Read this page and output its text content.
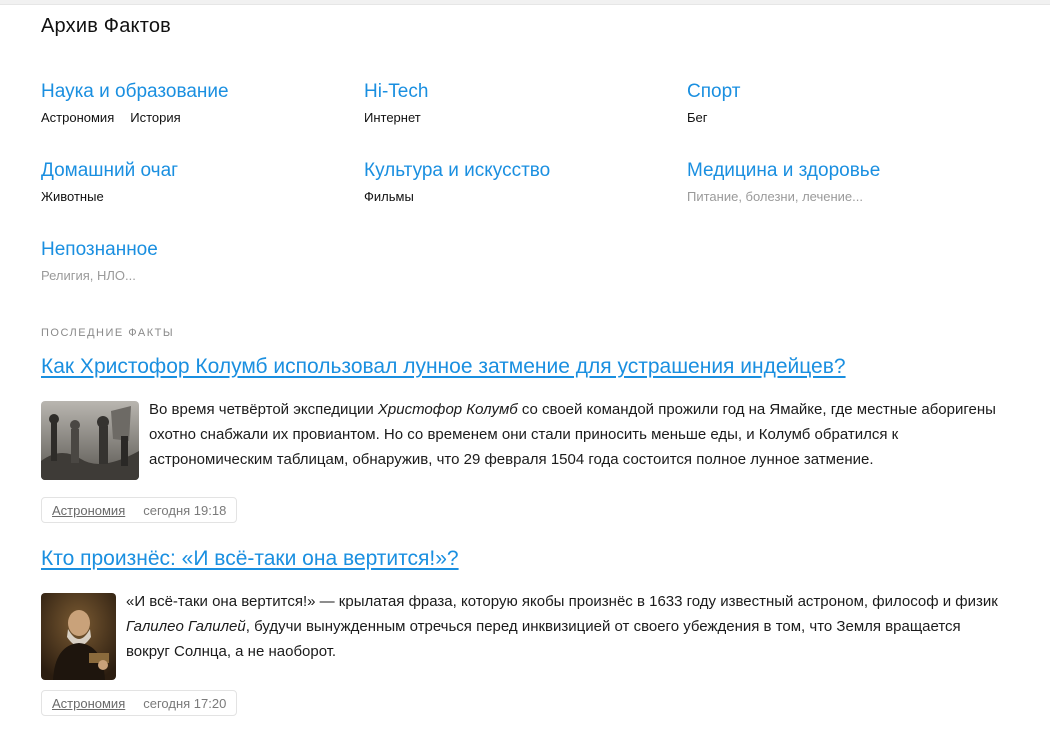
Архив Фактов
Наука и образование
Астрономия История
Hi-Tech
Интернет
Спорт
Бег
Домашний очаг
Животные
Культура и искусство
Фильмы
Медицина и здоровье
Питание, болезни, лечение...
Непознанное
Религия, НЛО...
ПОСЛЕДНИЕ ФАКТЫ
Как Христофор Колумб использовал лунное затмение для устрашения индейцев?
Во время четвёртой экспедиции Христофор Колумб со своей командой прожили год на Ямайке, где местные аборигены охотно снабжали их провиантом. Но со временем они стали приносить меньше еды, и Колумб обратился к астрономическим таблицам, обнаружив, что 29 февраля 1504 года состоится полное лунное затмение.
Астрономия сегодня 19:18
Кто произнёс: «И всё-таки она вертится!»?
«И всё-таки она вертится!» — крылатая фраза, которую якобы произнёс в 1633 году известный астроном, философ и физик Галилео Галилей, будучи вынужденным отречься перед инквизицией от своего убеждения в том, что Земля вращается вокруг Солнца, а не наоборот.
Астрономия сегодня 17:20
